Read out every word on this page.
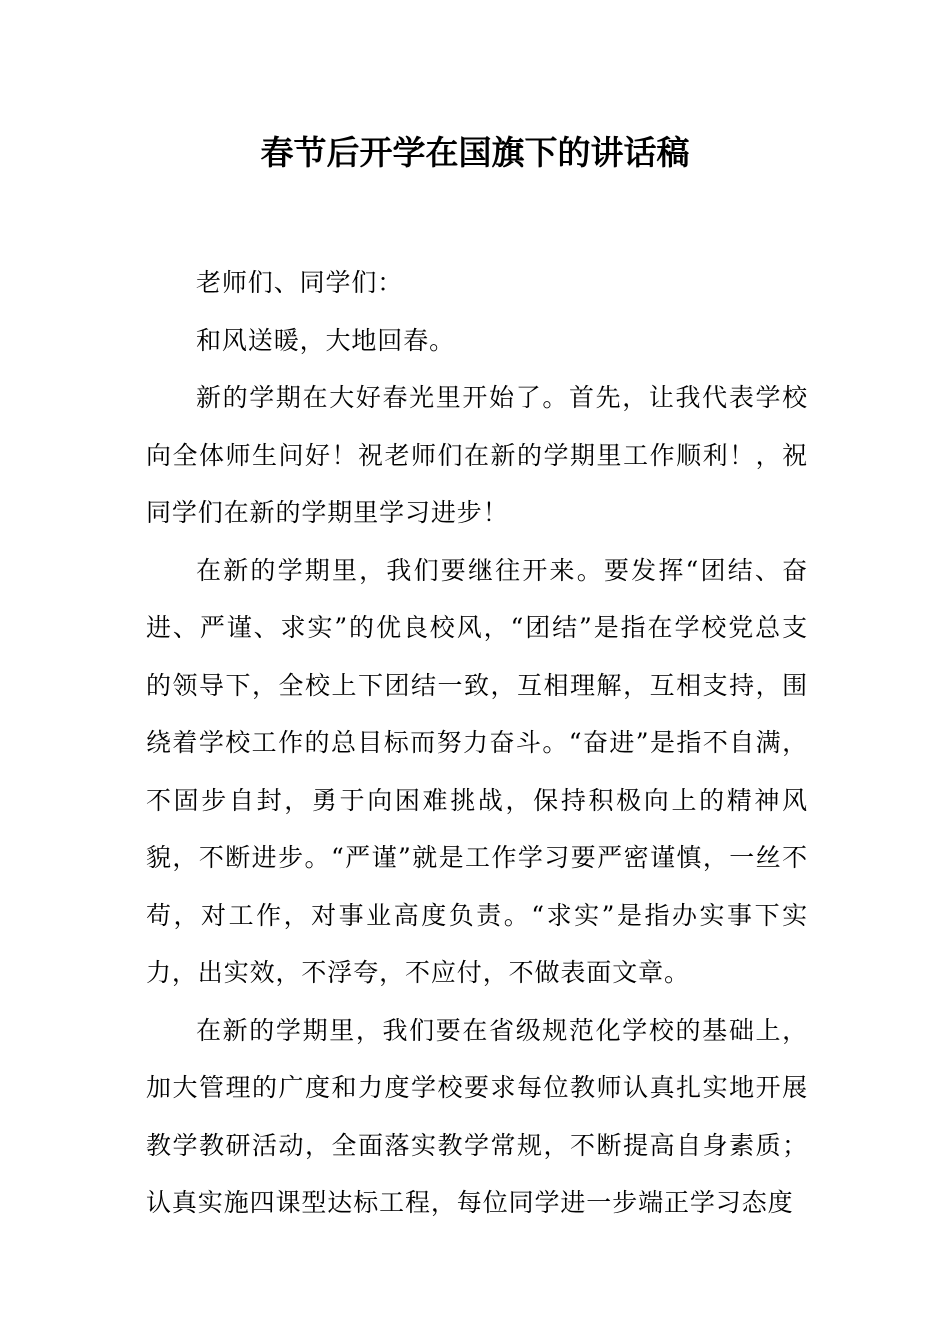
春节后开学在国旗下的讲话稿

老师们、同学们：

和风送暖，大地回春。

新的学期在大好春光里开始了。首先，让我代表学校向全体师生问好！祝老师们在新的学期里工作顺利！，祝同学们在新的学期里学习进步！

在新的学期里，我们要继往开来。要发挥“团结、奋进、严谨、求实”的优良校风，“团结”是指在学校党总支的领导下，全校上下团结一致，互相理解，互相支持，围绕着学校工作的总目标而努力奋斗。“奋进”是指不自满，不固步自封，勇于向困难挑战，保持积极向上的精神风貌，不断进步。“严谨”就是工作学习要严密谨慎，一丝不苟，对工作，对事业高度负责。“求实”是指办实事下实力，出实效，不浮夸，不应付，不做表面文章。

在新的学期里，我们要在省级规范化学校的基础上，加大管理的广度和力度学校要求每位教师认真扎实地开展教学教研活动，全面落实教学常规，不断提高自身素质；认真实施四课型达标工程，每位同学进一步端正学习态度
